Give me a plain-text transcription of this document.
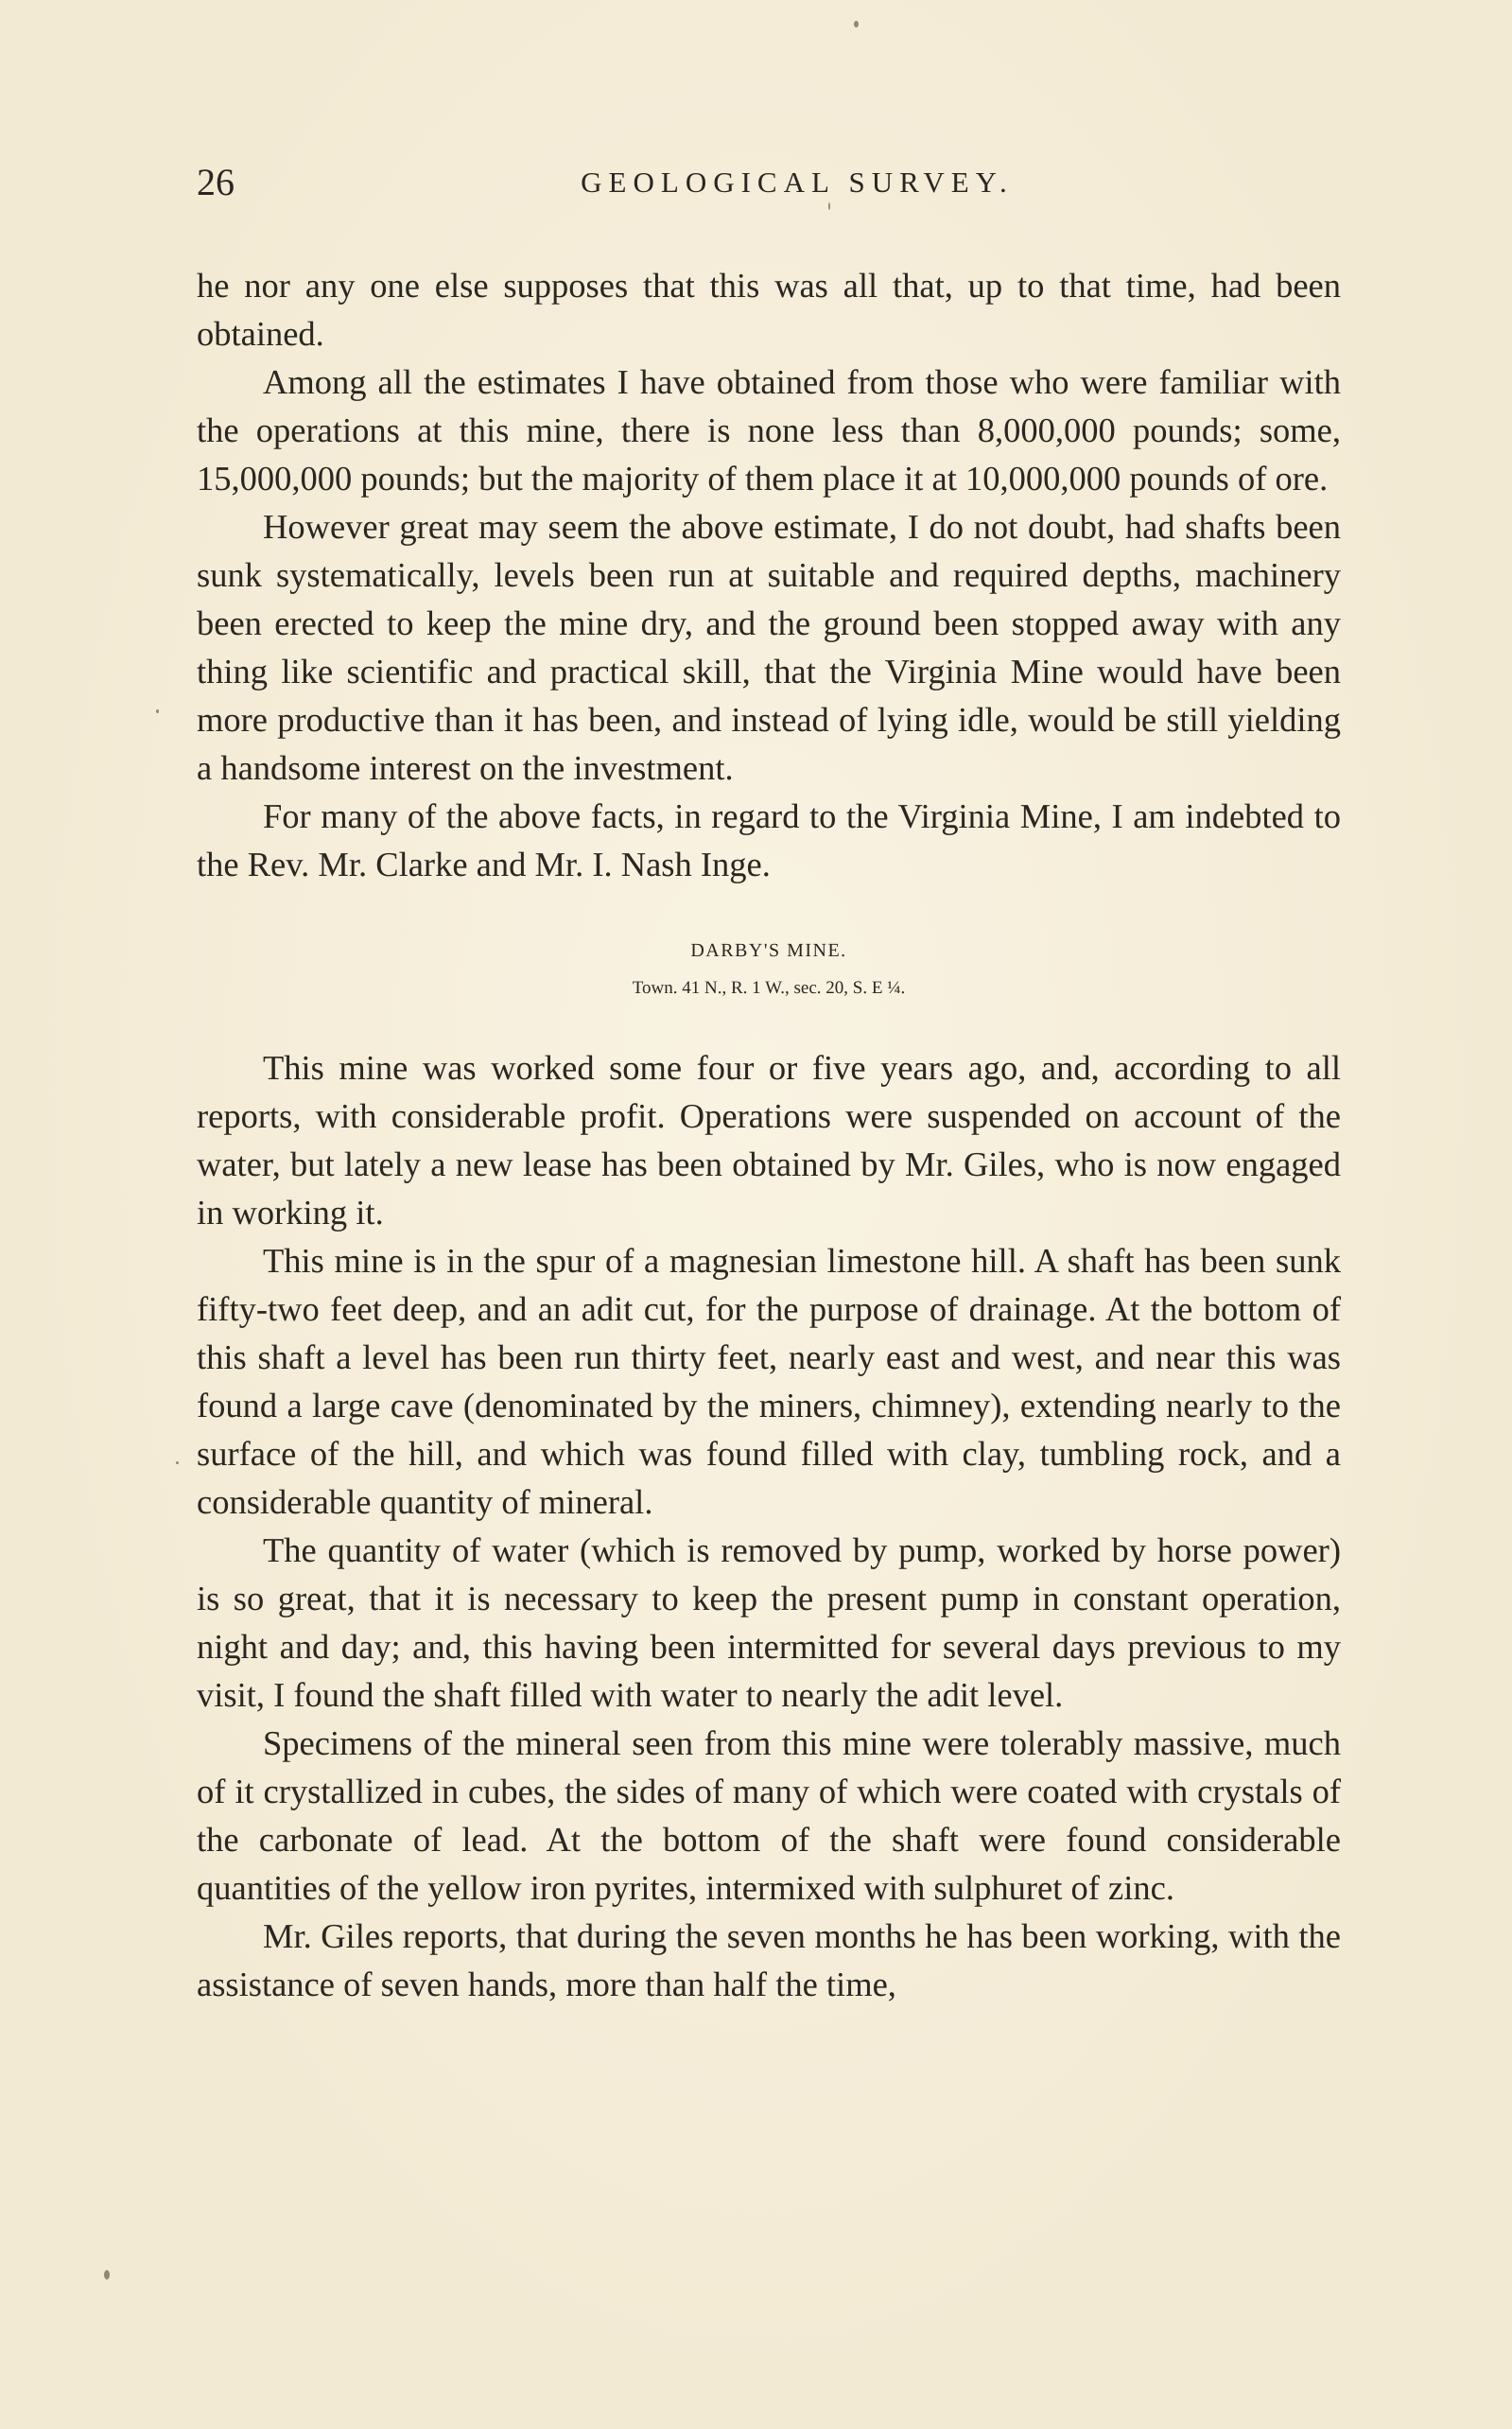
26	GEOLOGICAL SURVEY.

he nor any one else supposes that this was all that, up to that time, had been obtained.

Among all the estimates I have obtained from those who were familiar with the operations at this mine, there is none less than 8,000,000 pounds; some, 15,000,000 pounds; but the majority of them place it at 10,000,000 pounds of ore.

However great may seem the above estimate, I do not doubt, had shafts been sunk systematically, levels been run at suitable and required depths, machinery been erected to keep the mine dry, and the ground been stopped away with any thing like scientific and practical skill, that the Virginia Mine would have been more productive than it has been, and instead of lying idle, would be still yielding a handsome interest on the investment.

For many of the above facts, in regard to the Virginia Mine, I am indebted to the Rev. Mr. Clarke and Mr. I. Nash Inge.

DARBY'S MINE.
Town. 41 N., R. 1 W., sec. 20, S. E ¼.

This mine was worked some four or five years ago, and, according to all reports, with considerable profit. Operations were suspended on account of the water, but lately a new lease has been obtained by Mr. Giles, who is now engaged in working it.

This mine is in the spur of a magnesian limestone hill. A shaft has been sunk fifty-two feet deep, and an adit cut, for the purpose of drainage. At the bottom of this shaft a level has been run thirty feet, nearly east and west, and near this was found a large cave (denominated by the miners, chimney), extending nearly to the surface of the hill, and which was found filled with clay, tumbling rock, and a considerable quantity of mineral.

The quantity of water (which is removed by pump, worked by horse power) is so great, that it is necessary to keep the present pump in constant operation, night and day; and, this having been intermitted for several days previous to my visit, I found the shaft filled with water to nearly the adit level.

Specimens of the mineral seen from this mine were tolerably massive, much of it crystallized in cubes, the sides of many of which were coated with crystals of the carbonate of lead. At the bottom of the shaft were found considerable quantities of the yellow iron pyrites, intermixed with sulphuret of zinc.

Mr. Giles reports, that during the seven months he has been working, with the assistance of seven hands, more than half the time,
